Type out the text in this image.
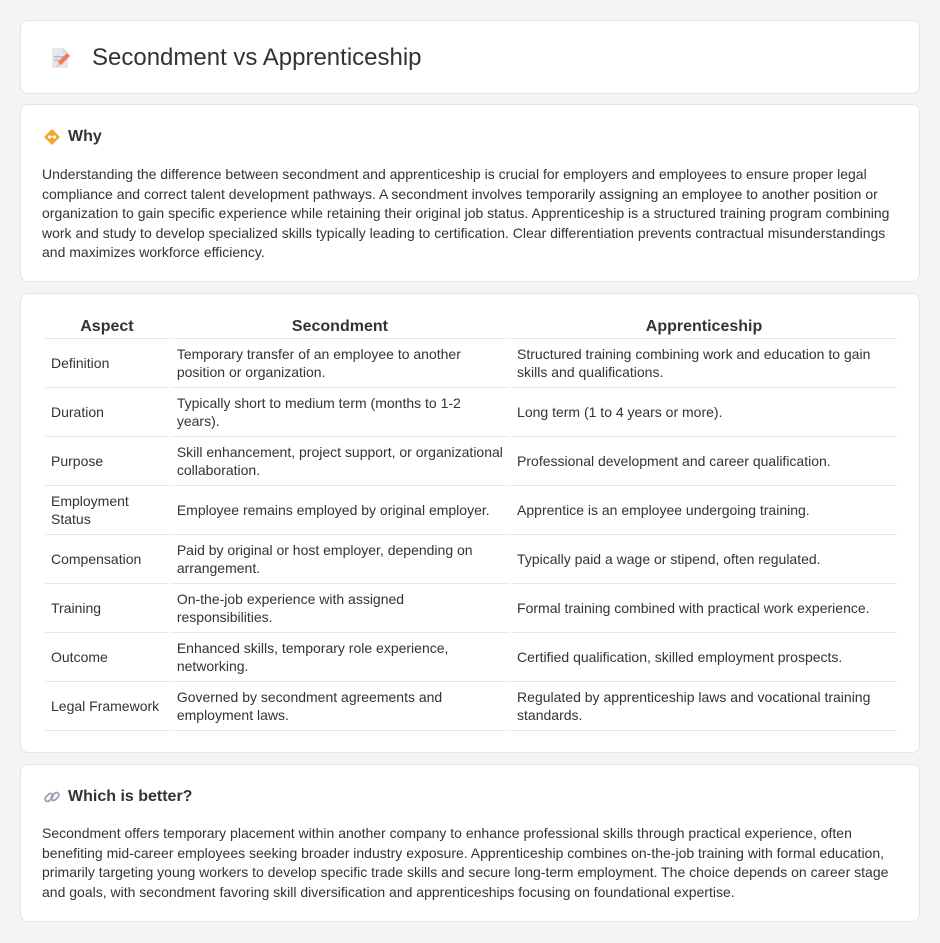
Secondment vs Apprenticeship
Why

Understanding the difference between secondment and apprenticeship is crucial for employers and employees to ensure proper legal compliance and correct talent development pathways. A secondment involves temporarily assigning an employee to another position or organization to gain specific experience while retaining their original job status. Apprenticeship is a structured training program combining work and study to develop specialized skills typically leading to certification. Clear differentiation prevents contractual misunderstandings and maximizes workforce efficiency.

Aspect	Secondment	Apprenticeship
Definition	Temporary transfer of an employee to another position or organization.	Structured training combining work and education to gain skills and qualifications.
Duration	Typically short to medium term (months to 1-2 years).	Long term (1 to 4 years or more).
Purpose	Skill enhancement, project support, or organizational collaboration.	Professional development and career qualification.
Employment Status	Employee remains employed by original employer.	Apprentice is an employee undergoing training.
Compensation	Paid by original or host employer, depending on arrangement.	Typically paid a wage or stipend, often regulated.
Training	On-the-job experience with assigned responsibilities.	Formal training combined with practical work experience.
Outcome	Enhanced skills, temporary role experience, networking.	Certified qualification, skilled employment prospects.
Legal Framework	Governed by secondment agreements and employment laws.	Regulated by apprenticeship laws and vocational training standards.
Which is better?

Secondment offers temporary placement within another company to enhance professional skills through practical experience, often benefiting mid-career employees seeking broader industry exposure. Apprenticeship combines on-the-job training with formal education, primarily targeting young workers to develop specific trade skills and secure long-term employment. The choice depends on career stage and goals, with secondment favoring skill diversification and apprenticeships focusing on foundational expertise.
